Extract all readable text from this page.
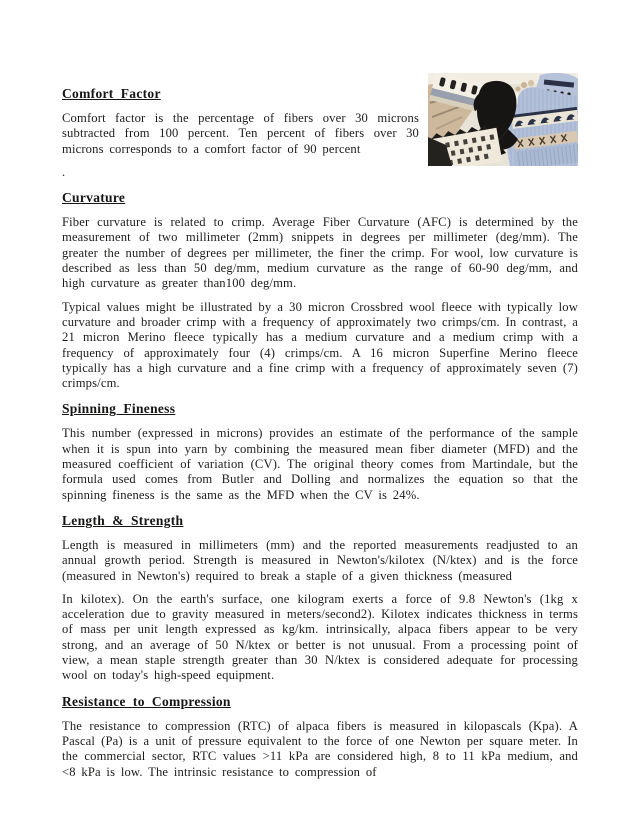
Comfort Factor

Comfort factor is the percentage of fibers over 30 microns subtracted from 100 percent. Ten percent of fibers over 30 microns corresponds to a comfort factor of 90 percent

.

Curvature

Fiber curvature is related to crimp. Average Fiber Curvature (AFC) is determined by the measurement of two millimeter (2mm) snippets in degrees per millimeter (deg/mm). The greater the number of degrees per millimeter, the finer the crimp. For wool, low curvature is described as less than 50 deg/mm, medium curvature as the range of 60-90 deg/mm, and high curvature as greater than100 deg/mm.

Typical values might be illustrated by a 30 micron Crossbred wool fleece with typically low curvature and broader crimp with a frequency of approximately two crimps/cm. In contrast, a 21 micron Merino fleece typically has a medium curvature and a medium crimp with a frequency of approximately four (4) crimps/cm. A 16 micron Superfine Merino fleece typically has a high curvature and a fine crimp with a frequency of approximately seven (7) crimps/cm.

Spinning Fineness

This number (expressed in microns) provides an estimate of the performance of the sample when it is spun into yarn by combining the measured mean fiber diameter (MFD) and the measured coefficient of variation (CV). The original theory comes from Martindale, but the formula used comes from Butler and Dolling and normalizes the equation so that the spinning fineness is the same as the MFD when the CV is 24%.

Length & Strength

Length is measured in millimeters (mm) and the reported measurements readjusted to an annual growth period. Strength is measured in Newton's/kilotex (N/ktex) and is the force (measured in Newton's) required to break a staple of a given thickness (measured

In kilotex). On the earth's surface, one kilogram exerts a force of 9.8 Newton's (1kg x acceleration due to gravity measured in meters/second2). Kilotex indicates thickness in terms of mass per unit length expressed as kg/km. intrinsically, alpaca fibers appear to be very strong, and an average of 50 N/ktex or better is not unusual. From a processing point of view, a mean staple strength greater than 30 N/ktex is considered adequate for processing wool on today's high-speed equipment.

Resistance to Compression

The resistance to compression (RTC) of alpaca fibers is measured in kilopascals (Kpa). A Pascal (Pa) is a unit of pressure equivalent to the force of one Newton per square meter. In the commercial sector, RTC values >11 kPa are considered high, 8 to 11 kPa medium, and <8 kPa is low. The intrinsic resistance to compression of
